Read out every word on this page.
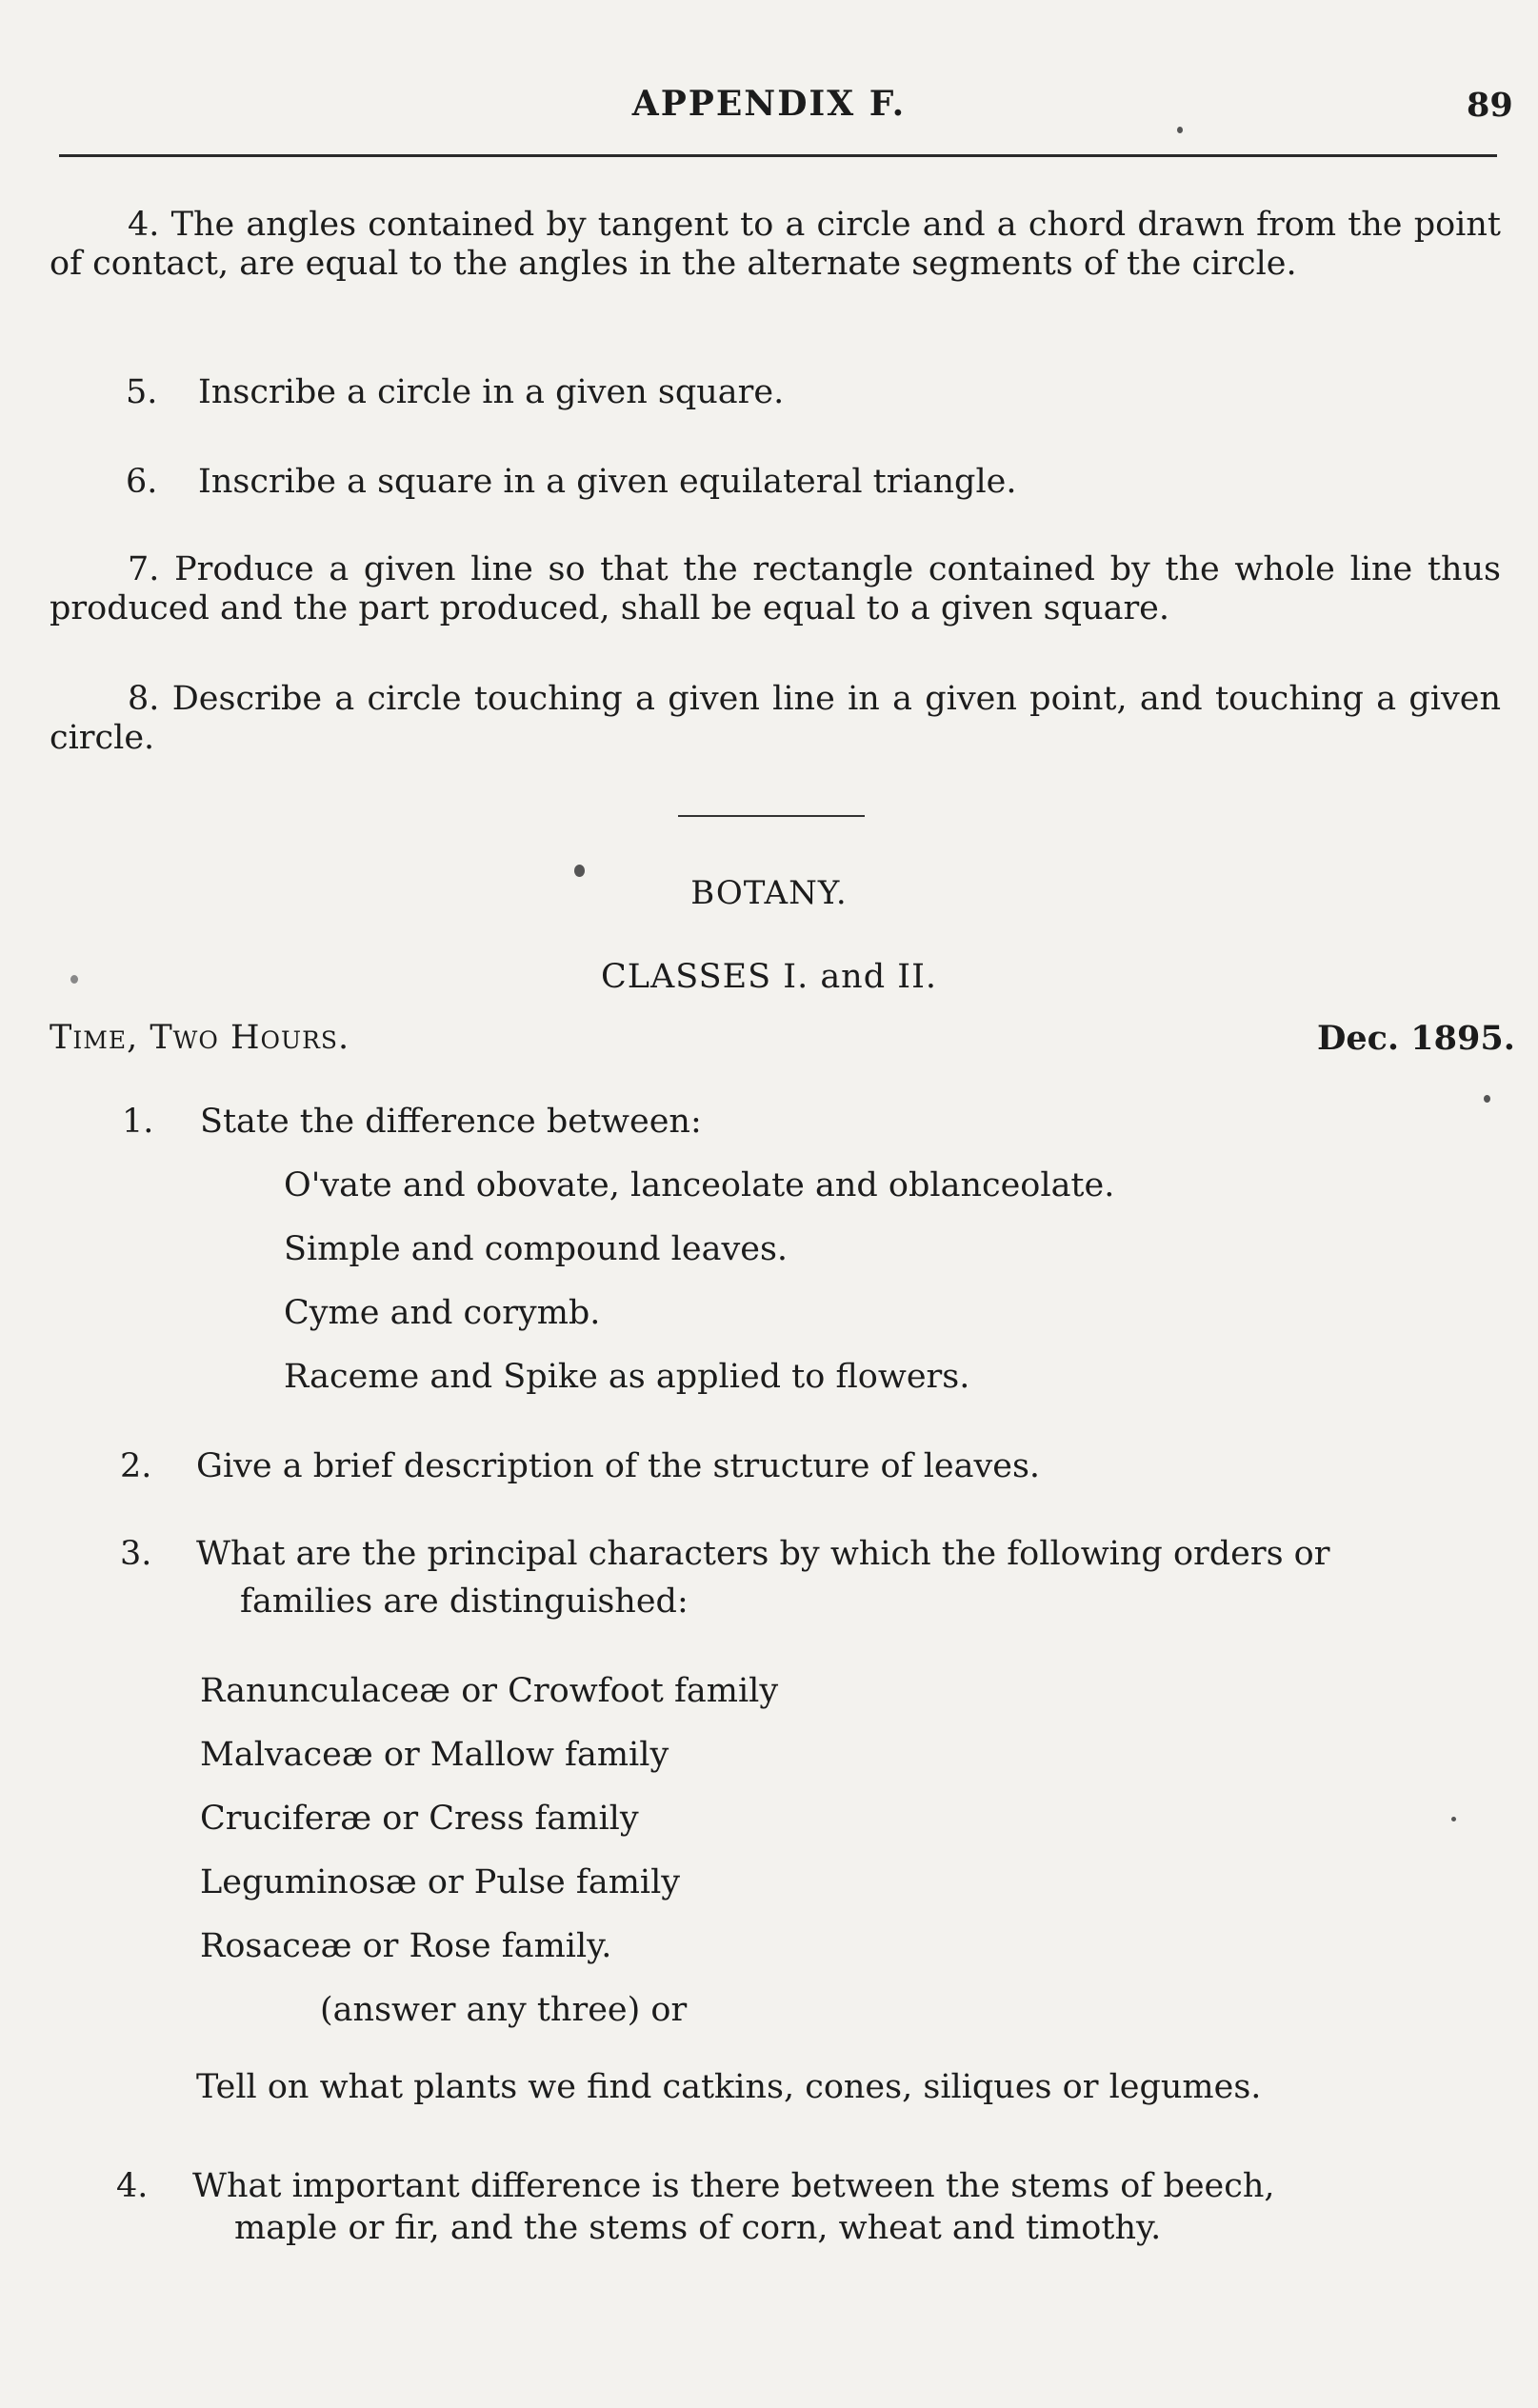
APPENDIX F.	89
4. The angles contained by tangent to a circle and a chord drawn from the point of contact, are equal to the angles in the alternate segments of the circle.
5. Inscribe a circle in a given square.
6. Inscribe a square in a given equilateral triangle.
7. Produce a given line so that the rectangle contained by the whole line thus produced and the part produced, shall be equal to a given square.
8. Describe a circle touching a given line in a given point, and touching a given circle.
BOTANY.
CLASSES I. and II.
Time, Two Hours.	Dec. 1895.
1. State the difference between:
O'vate and obovate, lanceolate and oblanceolate.
Simple and compound leaves.
Cyme and corymb.
Raceme and Spike as applied to flowers.
2. Give a brief description of the structure of leaves.
3. What are the principal characters by which the following orders or
families are distinguished:
Ranunculaceæ or Crowfoot family
Malvaceæ or Mallow family
Cruciferæ or Cress family
Leguminosæ or Pulse family
Rosaceæ or Rose family.
(answer any three) or
Tell on what plants we find catkins, cones, siliques or legumes.
4. What important difference is there between the stems of beech,
maple or fir, and the stems of corn, wheat and timothy.
